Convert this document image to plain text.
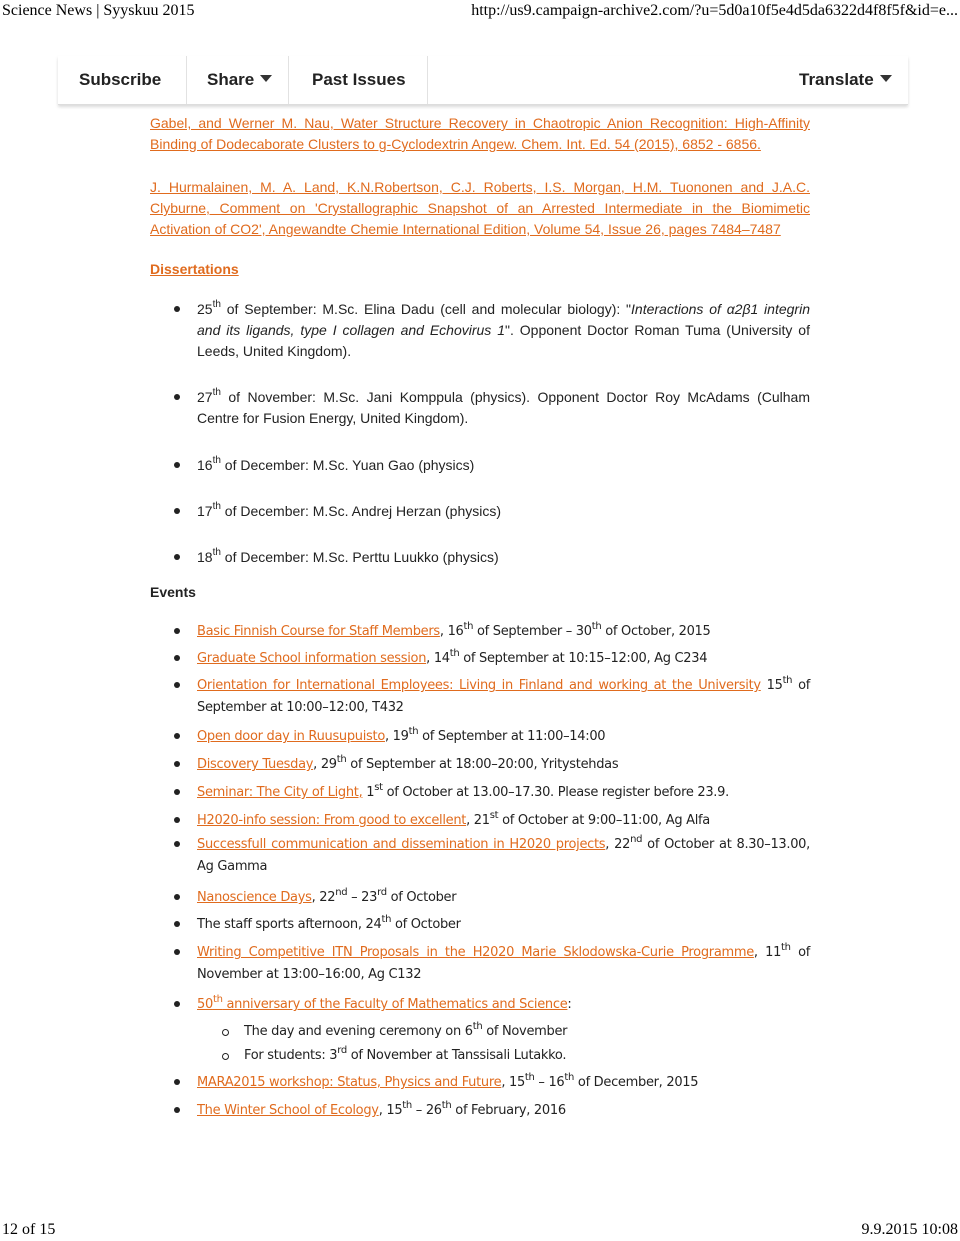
Science News | Syyskuu 2015	http://us9.campaign-archive2.com/?u=5d0a10f5e4d5da6322d4f8f5f&id=e...
Subscribe	Share	Past Issues	Translate
Gabel, and Werner M. Nau, Water Structure Recovery in Chaotropic Anion Recognition: High-Affinity Binding of Dodecaborate Clusters to g-Cyclodextrin Angew. Chem. Int. Ed. 54 (2015), 6852 - 6856.
J. Hurmalainen, M. A. Land, K.N.Robertson, C.J. Roberts, I.S. Morgan, H.M. Tuononen and J.A.C.
Clyburne, Comment on 'Crystallographic Snapshot of an Arrested Intermediate in the Biomimetic Activation of CO2', Angewandte Chemie International Edition, Volume 54, Issue 26, pages 7484–7487
Dissertations
25th of September: M.Sc. Elina Dadu (cell and molecular biology): "Interactions of α2β1 integrin and its ligands, type I collagen and Echovirus 1". Opponent Doctor Roman Tuma (University of Leeds, United Kingdom).
27th of November: M.Sc. Jani Komppula (physics). Opponent Doctor Roy McAdams (Culham Centre for Fusion Energy, United Kingdom).
16th of December: M.Sc. Yuan Gao (physics)
17th of December: M.Sc. Andrej Herzan (physics)
18th of December: M.Sc. Perttu Luukko (physics)
Events
Basic Finnish Course for Staff Members, 16th of September – 30th of October, 2015
Graduate School information session, 14th of September at 10:15–12:00, Ag C234
Orientation for International Employees: Living in Finland and working at the University 15th of September at 10:00–12:00, T432
Open door day in Ruusupuisto, 19th of September at 11:00–14:00
Discovery Tuesday, 29th of September at 18:00–20:00, Yritystehdas
Seminar: The City of Light, 1st of October at 13.00–17.30. Please register before 23.9.
H2020-info session: From good to excellent, 21st of October at 9:00–11:00, Ag Alfa
Successfull communication and dissemination in H2020 projects, 22nd of October at 8.30–13.00, Ag Gamma
Nanoscience Days, 22nd – 23rd of October
The staff sports afternoon, 24th of October
Writing Competitive ITN Proposals in the H2020 Marie Sklodowska-Curie Programme, 11th of November at 13:00–16:00, Ag C132
50th anniversary of the Faculty of Mathematics and Science:
The day and evening ceremony on 6th of November
For students: 3rd of November at Tanssisali Lutakko.
MARA2015 workshop: Status, Physics and Future, 15th – 16th of December, 2015
The Winter School of Ecology, 15th – 26th of February, 2016
12 of 15	9.9.2015 10:08
